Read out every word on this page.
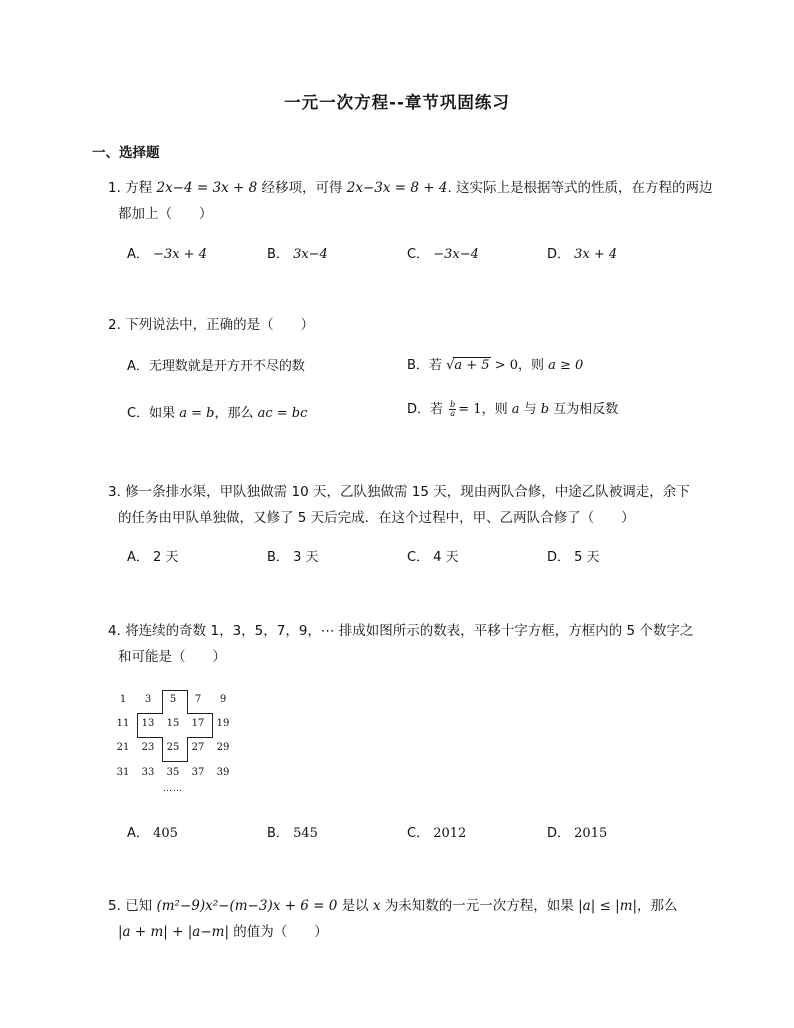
一元一次方程--章节巩固练习
一、选择题
1. 方程 2x−4 = 3x + 8 经移项，可得 2x−3x = 8 + 4. 这实际上是根据等式的性质，在方程的两边
都加上（　　）
A． −3x + 4	B． 3x−4	C． −3x−4	D． 3x + 4
2. 下列说法中，正确的是（　　）
A．无理数就是开方开不尽的数	B．若 √a + 5 > 0，则 a ≥ 0
C．如果 a = b，那么 ac = bc	D．若 $\frac{b}{a} = 1$，则 a 与 b 互为相反数
3. 修一条排水渠，甲队独做需 10 天，乙队独做需 15 天，现由两队合修，中途乙队被调走，余下
的任务由甲队单独做，又修了 5 天后完成．在这个过程中，甲、乙两队合修了（　　）
A． 2 天	B． 3 天	C． 4 天	D． 5 天
4. 将连续的奇数 1，3，5，7，9，⋯ 排成如图所示的数表，平移十字方框，方框内的 5 个数字之
和可能是（　　）
1	3	5	7	9
11	13	15	17	19
21	23	25	27	29
31	33	35	37	39
……
A． 405	B． 545	C． 2012	D． 2015
5. 已知 (m²−9)x²−(m−3)x + 6 = 0 是以 x 为未知数的一元一次方程，如果 |a| ≤ |m|，那么
|a + m| + |a−m| 的值为（　　）
